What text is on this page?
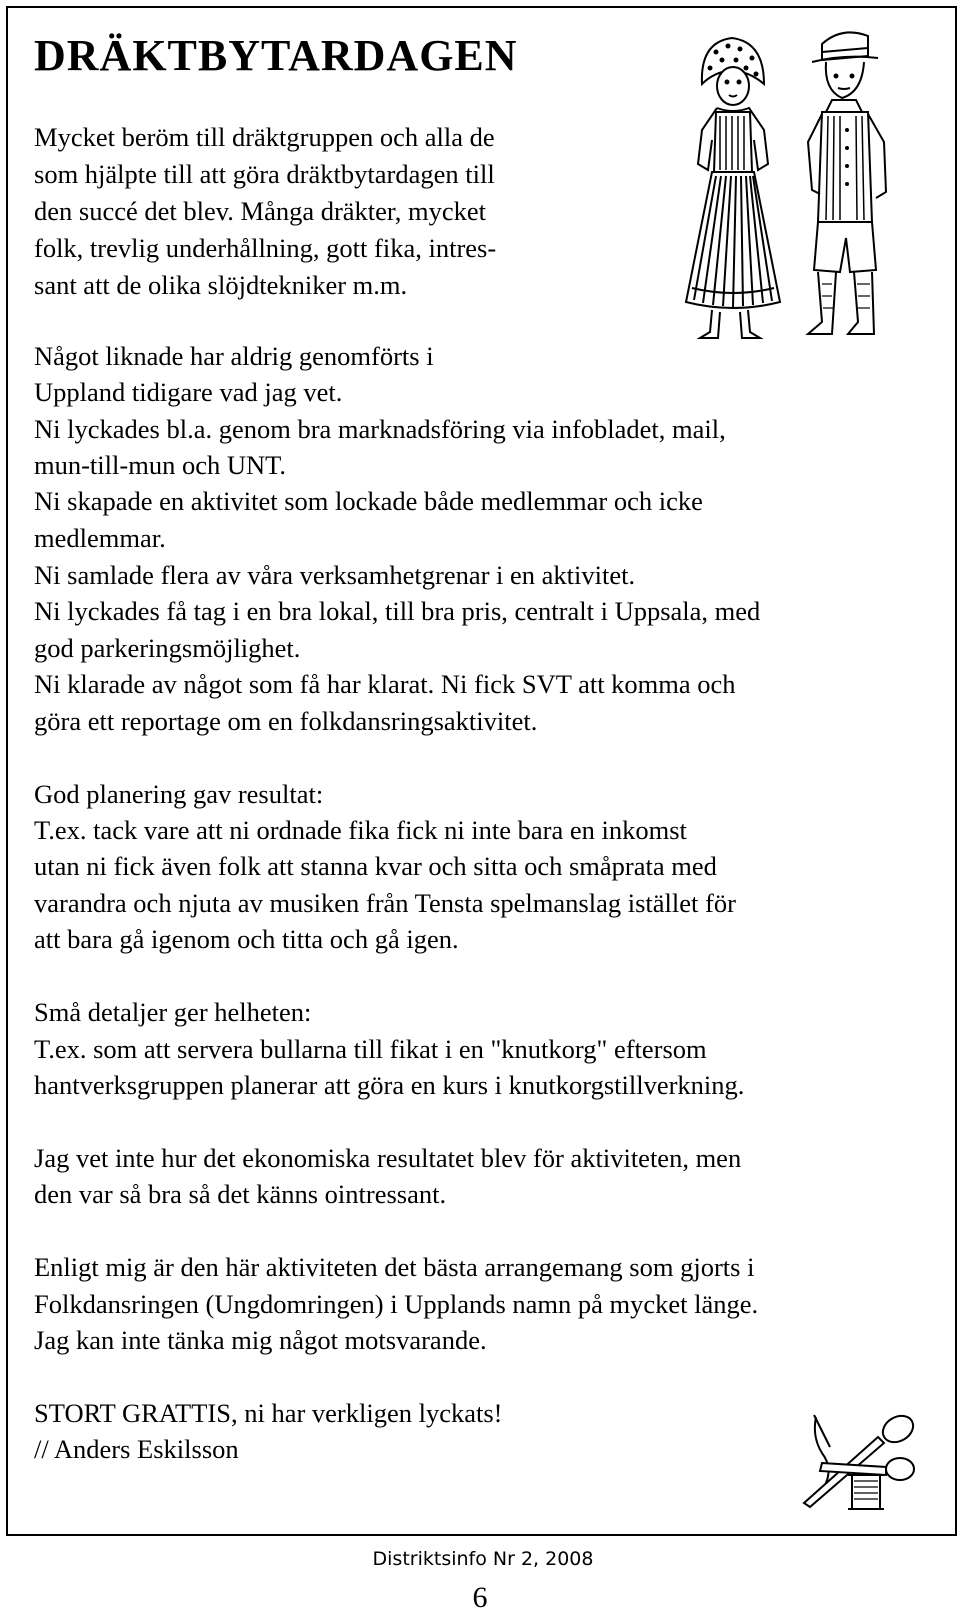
DRÄKTBYTARDAGEN

Mycket beröm till dräktgruppen och alla de

som hjälpte till att göra dräktbytardagen till

den succé det blev. Många dräkter, mycket

folk, trevlig underhållning, gott fika, intres-

sant att de olika slöjdtekniker m.m.

Något liknade har aldrig genomförts i

Uppland tidigare vad jag vet.

Ni lyckades bl.a. genom bra marknadsföring via infobladet, mail,

mun-till-mun och UNT.

Ni skapade en aktivitet som lockade både medlemmar och icke

medlemmar.

Ni samlade flera av våra verksamhetgrenar i en aktivitet.

Ni lyckades få tag i en bra lokal, till bra pris, centralt i Uppsala, med

god parkeringsmöjlighet.

Ni klarade av något som få har klarat. Ni fick SVT att komma och

göra ett reportage om en folkdansringsaktivitet.

God planering gav resultat:

T.ex. tack vare att ni ordnade fika fick ni inte bara en inkomst

utan ni fick även folk att stanna kvar och sitta och småprata med

varandra och njuta av musiken från Tensta spelmanslag istället för

att bara gå igenom och titta och gå igen.

Små detaljer ger helheten:

T.ex. som att servera bullarna till fikat i en "knutkorg" eftersom

hantverksgruppen planerar att göra en kurs i knutkorgstillverkning.

Jag vet inte hur det ekonomiska resultatet blev för aktiviteten, men

den var så bra så det känns ointressant.

Enligt mig är den här aktiviteten det bästa arrangemang som gjorts i

Folkdansringen (Ungdomringen) i Upplands namn på mycket länge.

Jag kan inte tänka mig något motsvarande.

STORT GRATTIS, ni har verkligen lyckats!

// Anders Eskilsson

Distriktsinfo Nr 2, 2008
6
